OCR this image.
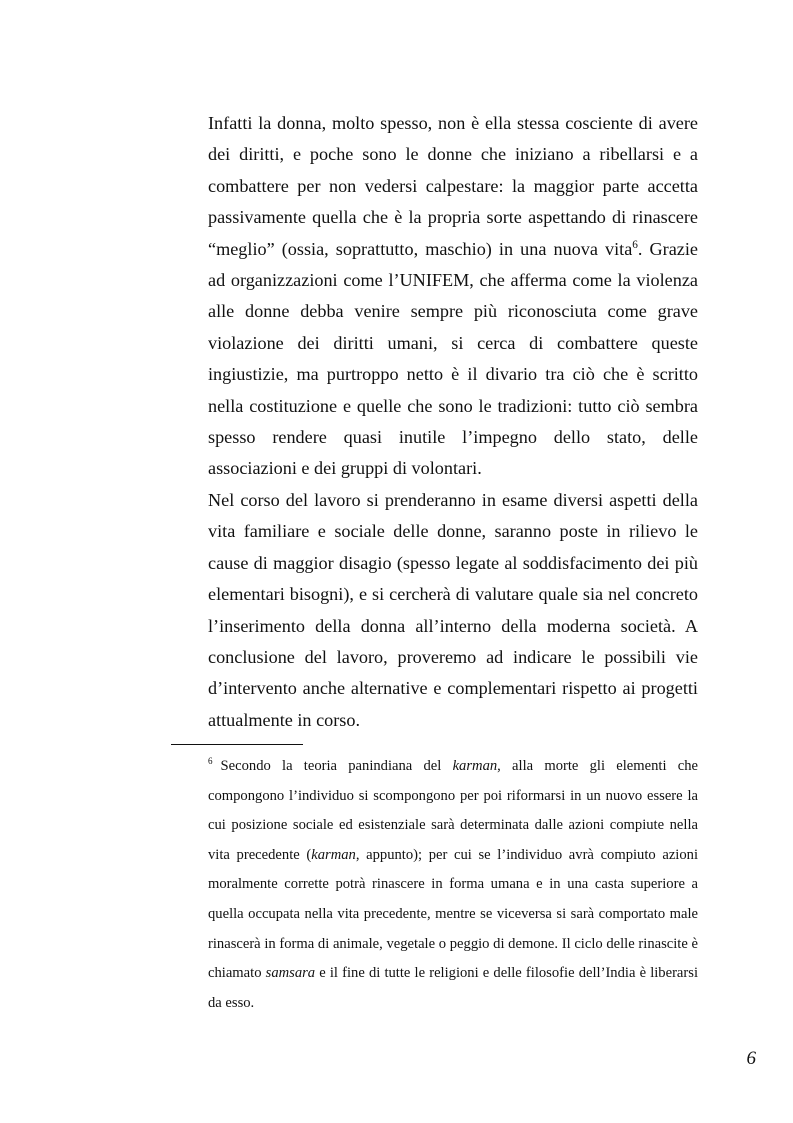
Infatti la donna, molto spesso, non è ella stessa cosciente di avere dei diritti, e poche sono le donne che iniziano a ribellarsi e a combattere per non vedersi calpestare: la maggior parte accetta passivamente quella che è la propria sorte aspettando di rinascere “meglio” (ossia, soprattutto, maschio) in una nuova vita$^6$. Grazie ad organizzazioni come l’UNIFEM, che afferma come la violenza alle donne debba venire sempre più riconosciuta come grave violazione dei diritti umani, si cerca di combattere queste ingiustizie, ma purtroppo netto è il divario tra ciò che è scritto nella costituzione e quelle che sono le tradizioni: tutto ciò sembra spesso rendere quasi inutile l’impegno dello stato, delle associazioni e dei gruppi di volontari.

Nel corso del lavoro si prenderanno in esame diversi aspetti della vita familiare e sociale delle donne, saranno poste in rilievo le cause di maggior disagio (spesso legate al soddisfacimento dei più elementari bisogni), e si cercherà di valutare quale sia nel concreto l’inserimento della donna all’interno della moderna società. A conclusione del lavoro, proveremo ad indicare le possibili vie d’intervento anche alternative e complementari rispetto ai progetti attualmente in corso.

$^6$ Secondo la teoria panindiana del karman, alla morte gli elementi che compongono l’individuo si scompongono per poi riformarsi in un nuovo essere la cui posizione sociale ed esistenziale sarà determinata dalle azioni compiute nella vita precedente (karman, appunto); per cui se l’individuo avrà compiuto azioni moralmente corrette potrà rinascere in forma umana e in una casta superiore a quella occupata nella vita precedente, mentre se viceversa si sarà comportato male rinascerà in forma di animale, vegetale o peggio di demone. Il ciclo delle rinascite è chiamato samsara e il fine di tutte le religioni e delle filosofie dell’India è liberarsi da esso.
6
